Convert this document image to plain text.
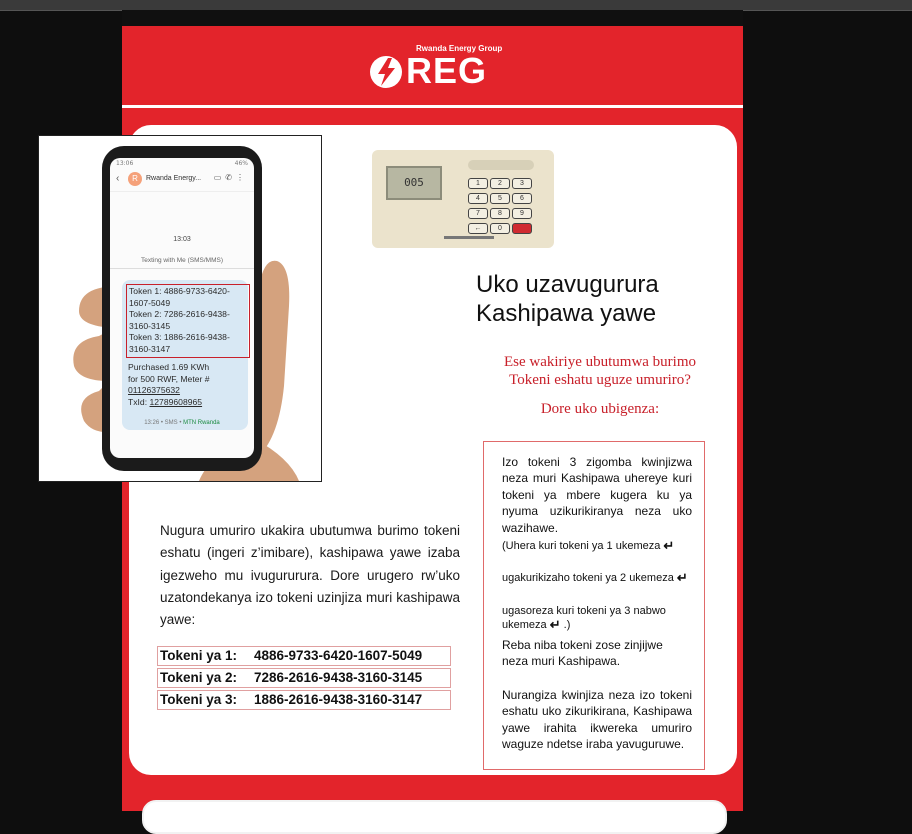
Rwanda Energy Group
REG
13:06	46%
‹	R	Rwanda Energy... ▭✆⋮
13:03
Texting with Me (SMS/MMS)
Token 1: 4886-9733-6420-
1607-5049
Token 2: 7286-2616-9438-
3160-3145
Token 3: 1886-2616-9438-
3160-3147
Purchased 1.69 KWh
for 500 RWF, Meter #
01126375632
TxId: 12789608965
13:26 • SMS • MTN Rwanda
005	1	2	3
4	5	6
7	8	9
←	0
Uko uzavugurura
Kashipawa yawe
Ese wakiriye ubutumwa burimo
Tokeni eshatu uguze umuriro?
Dore uko ubigenza:
Nugura umuriro ukakira ubutumwa burimo tokeni eshatu (ingeri z’imibare), kashipawa yawe izaba igezweho mu ivugururura. Dore urugero rw’uko uzatondekanya izo tokeni uzinjiza muri kashipawa yawe:
Tokeni ya 1:	4886-9733-6420-1607-5049
Tokeni ya 2:	7286-2616-9438-3160-3145
Tokeni ya 3:	1886-2616-9438-3160-3147
Izo tokeni 3 zigomba kwinjizwa neza muri Kashipawa uhereye kuri tokeni ya mbere kugera ku ya nyuma uzikurikiranya neza uko wazihawe.
(Uhera kuri tokeni ya 1 ukemeza ↵
ugakurikizaho tokeni ya 2 ukemeza ↵
ugasoreza kuri tokeni ya 3 nabwo ukemeza ↵ .)
Reba niba tokeni zose zinjijwe neza muri Kashipawa.
Nurangiza kwinjiza neza izo tokeni eshatu uko zikurikirana, Kashipawa yawe irahita ikwereka umuriro waguze ndetse iraba yavuguruwe.
